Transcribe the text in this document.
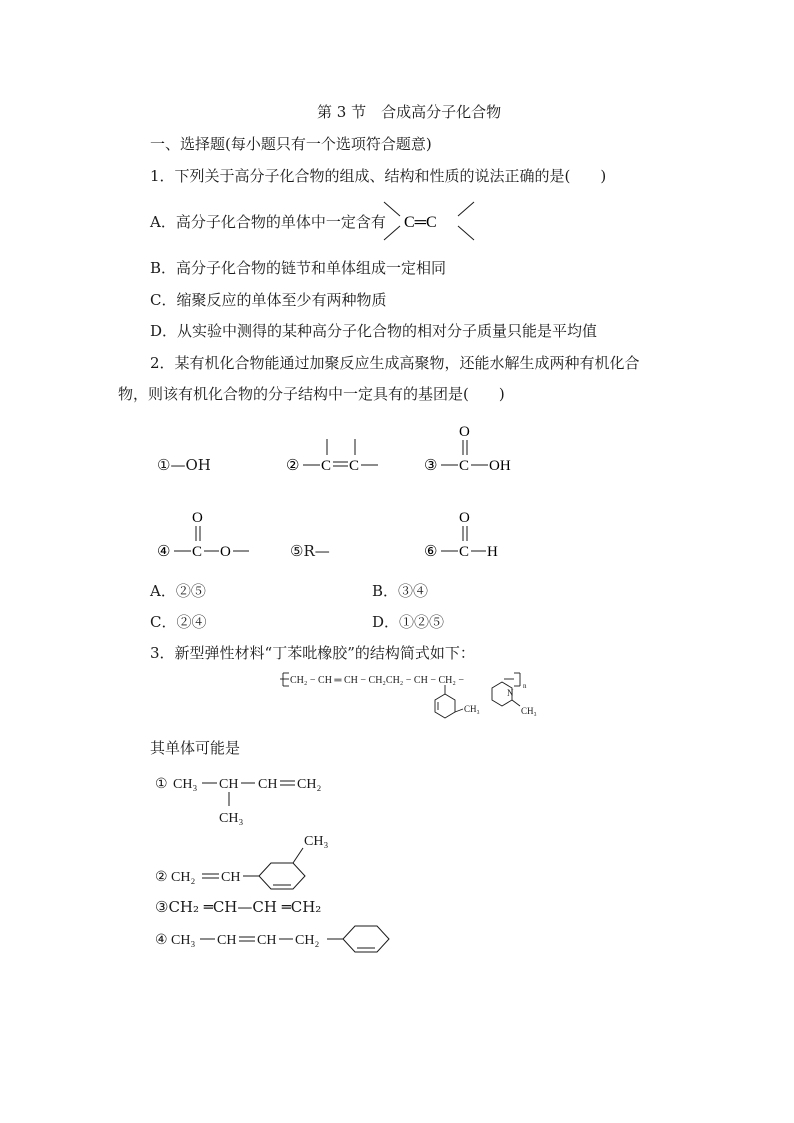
第 3 节　合成高分子化合物
一、选择题(每小题只有一个选项符合题意)
1．下列关于高分子化合物的组成、结构和性质的说法正确的是(　　)
A．高分子化合物的单体中一定含有 C═C
B．高分子化合物的链节和单体组成一定相同
C．缩聚反应的单体至少有两种物质
D．从实验中测得的某种高分子化合物的相对分子质量只能是平均值
2．某有机化合物能通过加聚反应生成高聚物，还能水解生成两种有机化合
物，则该有机化合物的分子结构中一定具有的基团是(　　)
①—OH	② C C	③ C OH
O
④ C O
O
⑤R—	⑥ C H
O
A．②⑤	B．③④
C．②④	D．①②⑤
3．新型弹性材料“丁苯吡橡胶”的结构简式如下：
CH₂ − CH ═ CH − CH₂CH₂ − CH − CH₂ −	n
CH₃
N
CH₃
其单体可能是
① CH₃ CH CH CH₂
CH₃
② CH₂ CH
CH₃
③CH₂ ═CH—CH ═CH₂
④ CH₃ CH CH CH₂
